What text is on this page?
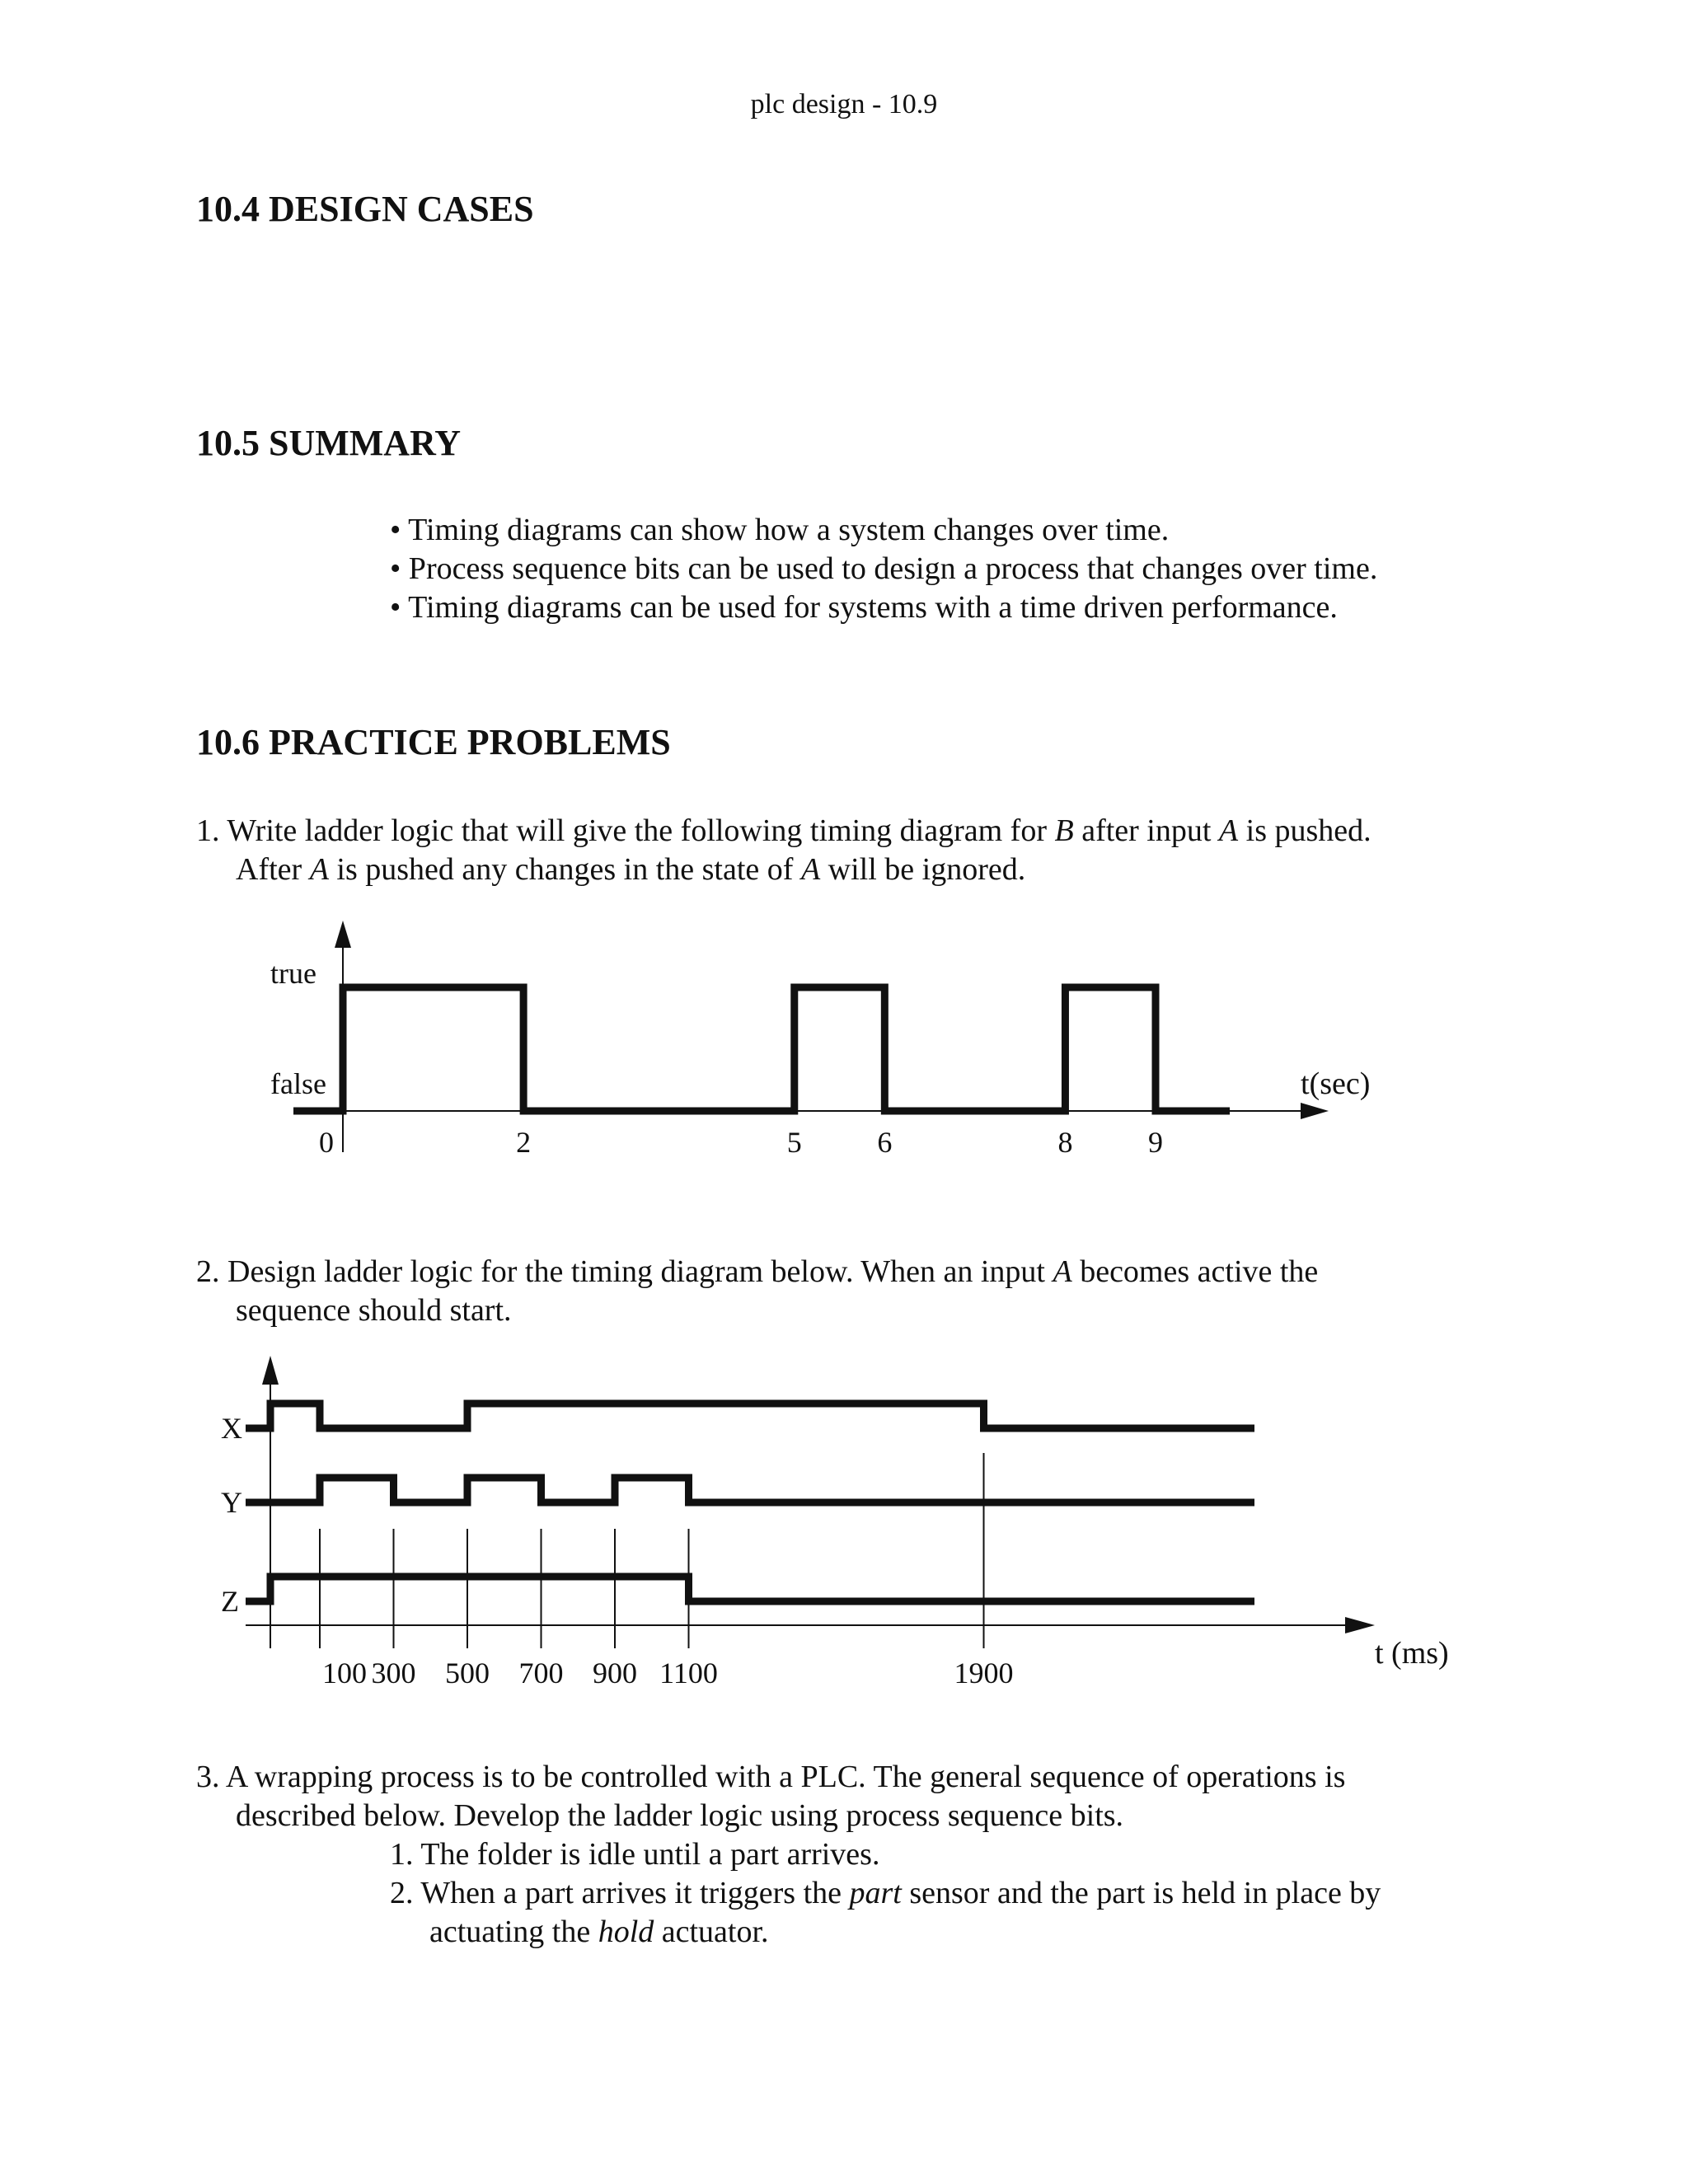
plc design - 10.9
10.4 DESIGN CASES
10.5 SUMMARY
• Timing diagrams can show how a system changes over time.
• Process sequence bits can be used to design a process that changes over time.
• Timing diagrams can be used for systems with a time driven performance.
10.6 PRACTICE PROBLEMS
1. Write ladder logic that will give the following timing diagram for B after input A is pushed.
After A is pushed any changes in the state of A will be ignored.
true
false	t(sec)
0	2	5	6	8	9
2. Design ladder logic for the timing diagram below. When an input A becomes active the
sequence should start.
t (ms)
X
Y
Z
100 300 500 700 900 1100	1900
3. A wrapping process is to be controlled with a PLC. The general sequence of operations is
described below. Develop the ladder logic using process sequence bits.
1. The folder is idle until a part arrives.
2. When a part arrives it triggers the part sensor and the part is held in place by
actuating the hold actuator.
